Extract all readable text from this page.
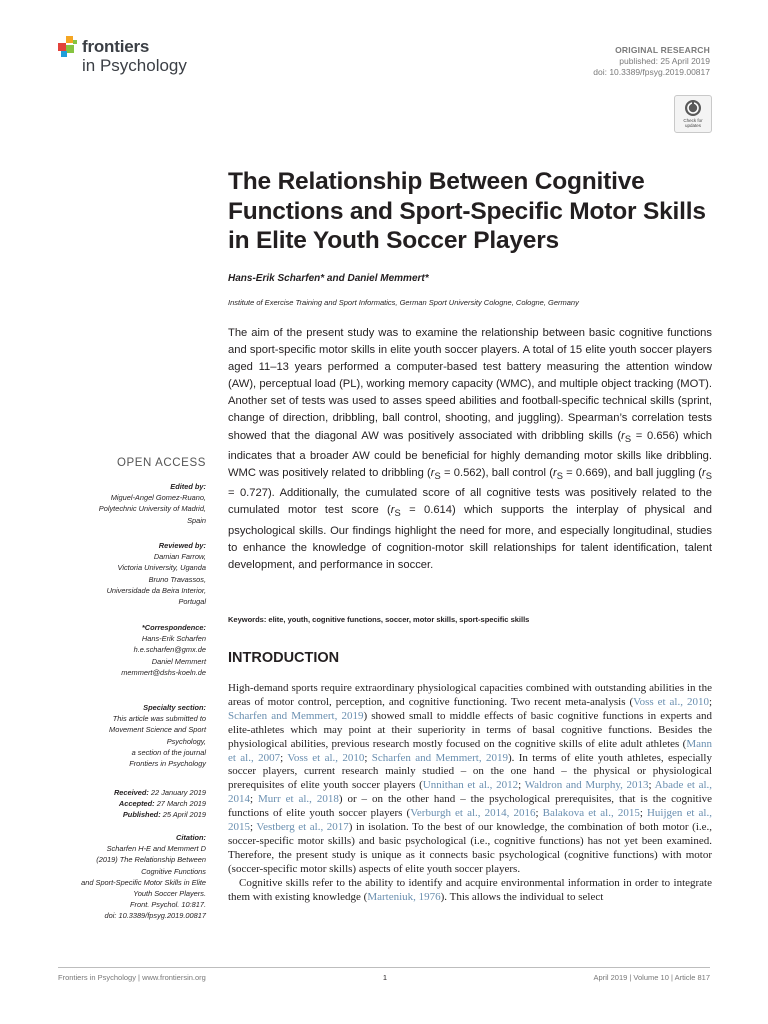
frontiers
in Psychology
ORIGINAL RESEARCH
published: 25 April 2019
doi: 10.3389/fpsyg.2019.00817
Check for updates
The Relationship Between Cognitive Functions and Sport-Specific Motor Skills in Elite Youth Soccer Players
Hans-Erik Scharfen* and Daniel Memmert*
Institute of Exercise Training and Sport Informatics, German Sport University Cologne, Cologne, Germany

The aim of the present study was to examine the relationship between basic cognitive functions and sport-specific motor skills in elite youth soccer players. A total of 15 elite youth soccer players aged 11–13 years performed a computer-based test battery measuring the attention window (AW), perceptual load (PL), working memory capacity (WMC), and multiple object tracking (MOT). Another set of tests was used to asses speed abilities and football-specific technical skills (sprint, change of direction, dribbling, ball control, shooting, and juggling). Spearman’s correlation tests showed that the diagonal AW was positively associated with dribbling skills $(r_S = 0.656)$ which indicates that a broader AW could be beneficial for highly demanding motor skills like dribbling. WMC was positively related to dribbling $(r_S = 0.562)$, ball control $(r_S = 0.669)$, and ball juggling $(r_S = 0.727)$. Additionally, the cumulated score of all cognitive tests was positively related to the cumulated motor test score $(r_S = 0.614)$ which supports the interplay of physical and psychological skills. Our findings highlight the need for more, and especially longitudinal, studies to enhance the knowledge of cognition-motor skill relationships for talent identification, talent development, and performance in soccer.

Keywords: elite, youth, cognitive functions, soccer, motor skills, sport-specific skills
INTRODUCTION

High-demand sports require extraordinary physiological capacities combined with outstanding abilities in the areas of motor control, perception, and cognitive functioning. Two recent meta-analysis (Voss et al., 2010; Scharfen and Memmert, 2019) showed small to middle effects of basic cognitive functions in experts and elite-athletes which may point at their superiority in terms of basal cognitive functions. Besides the physiological abilities, previous research mostly focused on the cognitive skills of elite adult athletes (Mann et al., 2007; Voss et al., 2010; Scharfen and Memmert, 2019). In terms of elite youth athletes, especially soccer players, current research mainly studied – on the one hand – the physical or physiological prerequisites of elite youth soccer players (Unnithan et al., 2012; Waldron and Murphy, 2013; Abade et al., 2014; Murr et al., 2018) or – on the other hand – the psychological prerequisites, that is the cognitive functions of elite youth soccer players (Verburgh et al., 2014, 2016; Balakova et al., 2015; Huijgen et al., 2015; Vestberg et al., 2017) in isolation. To the best of our knowledge, the combination of both motor (i.e., soccer-specific motor skills) and basic psychological (i.e., cognitive functions) has not yet been examined. Therefore, the present study is unique as it connects basic psychological (cognitive functions) with motor (soccer-specific motor skills) aspects of elite youth soccer players.

Cognitive skills refer to the ability to identify and acquire environmental information in order to integrate them with existing knowledge (Marteniuk, 1976). This allows the individual to select

OPEN ACCESS
Edited by:
Miguel-Angel Gomez-Ruano,
Polytechnic University of Madrid,
Spain
Reviewed by:
Damian Farrow,
Victoria University, Uganda
Bruno Travassos,
Universidade da Beira Interior,
Portugal
*Correspondence:
Hans-Erik Scharfen
h.e.scharfen@gmx.de
Daniel Memmert
memmert@dshs-koeln.de
Specialty section:
This article was submitted to
Movement Science and Sport
Psychology,
a section of the journal
Frontiers in Psychology
Received: 22 January 2019
Accepted: 27 March 2019
Published: 25 April 2019
Citation:
Scharfen H-E and Memmert D
(2019) The Relationship Between
Cognitive Functions
and Sport-Specific Motor Skills in Elite
Youth Soccer Players.
Front. Psychol. 10:817.
doi: 10.3389/fpsyg.2019.00817
Frontiers in Psychology | www.frontiersin.org	1	April 2019 | Volume 10 | Article 817
